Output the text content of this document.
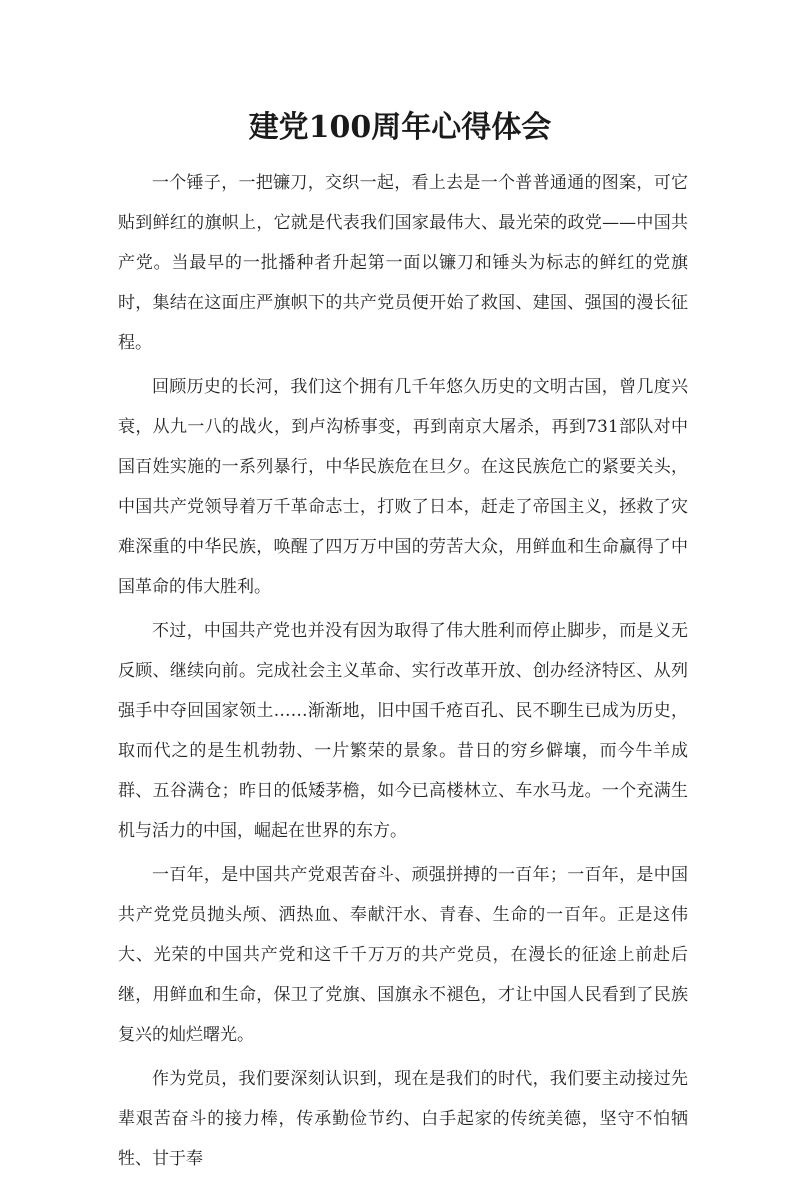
建党100周年心得体会

一个锤子，一把镰刀，交织一起，看上去是一个普普通通的图案，可它贴到鲜红的旗帜上，它就是代表我们国家最伟大、最光荣的政党——中国共产党。当最早的一批播种者升起第一面以镰刀和锤头为标志的鲜红的党旗时，集结在这面庄严旗帜下的共产党员便开始了救国、建国、强国的漫长征程。

回顾历史的长河，我们这个拥有几千年悠久历史的文明古国，曾几度兴衰，从九一八的战火，到卢沟桥事变，再到南京大屠杀，再到731部队对中国百姓实施的一系列暴行，中华民族危在旦夕。在这民族危亡的紧要关头，中国共产党领导着万千革命志士，打败了日本，赶走了帝国主义，拯救了灾难深重的中华民族，唤醒了四万万中国的劳苦大众，用鲜血和生命赢得了中国革命的伟大胜利。

不过，中国共产党也并没有因为取得了伟大胜利而停止脚步，而是义无反顾、继续向前。完成社会主义革命、实行改革开放、创办经济特区、从列强手中夺回国家领土……渐渐地，旧中国千疮百孔、民不聊生已成为历史，取而代之的是生机勃勃、一片繁荣的景象。昔日的穷乡僻壤，而今牛羊成群、五谷满仓；昨日的低矮茅檐，如今已高楼林立、车水马龙。一个充满生机与活力的中国，崛起在世界的东方。

一百年，是中国共产党艰苦奋斗、顽强拼搏的一百年；一百年，是中国共产党党员抛头颅、洒热血、奉献汗水、青春、生命的一百年。正是这伟大、光荣的中国共产党和这千千万万的共产党员，在漫长的征途上前赴后继，用鲜血和生命，保卫了党旗、国旗永不褪色，才让中国人民看到了民族复兴的灿烂曙光。

作为党员，我们要深刻认识到，现在是我们的时代，我们要主动接过先辈艰苦奋斗的接力棒，传承勤俭节约、白手起家的传统美德，坚守不怕牺牲、甘于奉
